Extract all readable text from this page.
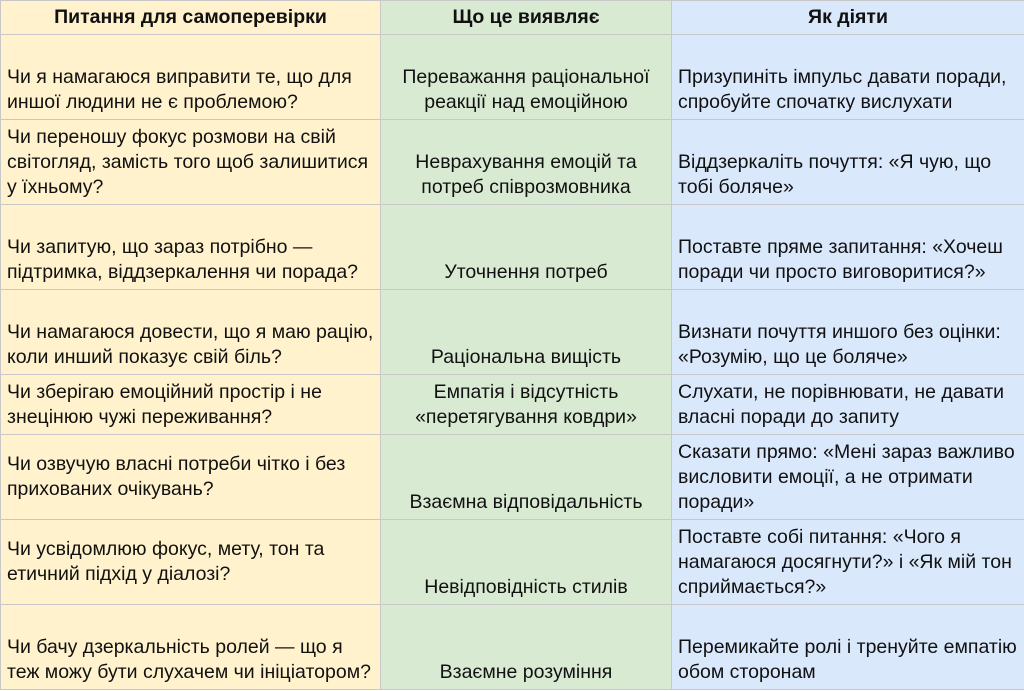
Питання для самоперевірки	Що це виявляє	Як діяти
Чи я намагаюся виправити те, що для иншої людини не є проблемою?	Переважання раціональної реакції над емоційною	Призупиніть імпульс давати поради, спробуйте спочатку вислухати
Чи переношу фокус розмови на свій світогляд, замість того щоб залишитися у їхньому?	Неврахування емоцій та потреб співрозмовника	Віддзеркаліть почуття: «Я чую, що тобі боляче»
Чи запитую, що зараз потрібно — підтримка, віддзеркалення чи порада?	Уточнення потреб	Поставте пряме запитання: «Хочеш поради чи просто виговоритися?»
Чи намагаюся довести, що я маю рацію, коли инший показує свій біль?	Раціональна вищість	Визнати почуття иншого без оцінки: «Розумію, що це боляче»
Чи зберігаю емоційний простір і не знецінюю чужі переживання?	Емпатія і відсутність «перетягування ковдри»	Слухати, не порівнювати, не давати власні поради до запиту
Чи озвучую власні потреби чітко і без прихованих очікувань?	Взаємна відповідальність	Сказати прямо: «Мені зараз важливо висловити емоції, а не отримати поради»
Чи усвідомлюю фокус, мету, тон та етичний підхід у діалозі?	Невідповідність стилів	Поставте собі питання: «Чого я намагаюся досягнути?» і «Як мій тон сприймається?»
Чи бачу дзеркальність ролей — що я теж можу бути слухачем чи ініціатором?	Взаємне розуміння	Перемикайте ролі і тренуйте емпатію обом сторонам
